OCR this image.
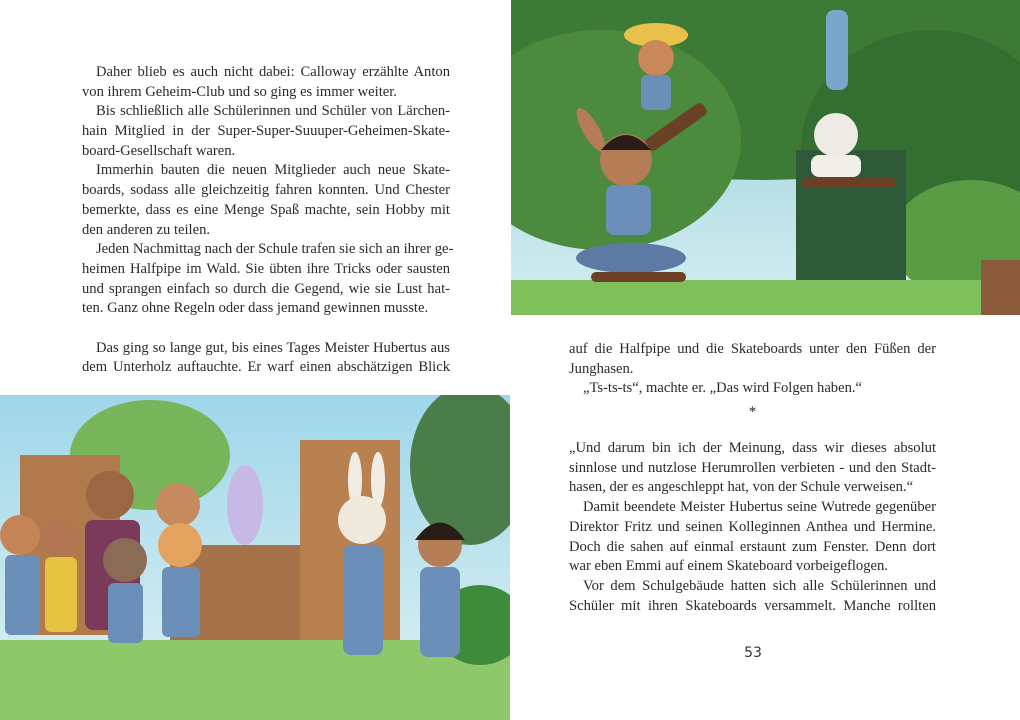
Daher blieb es auch nicht dabei: Calloway erzählte Anton
von ihrem Geheim-Club und so ging es immer weiter.
Bis schließlich alle Schülerinnen und Schüler von Lärchen-
hain Mitglied in der Super-Super-Suuuper-Geheimen-Skate-
board-Gesellschaft waren.
Immerhin bauten die neuen Mitglieder auch neue Skate-
boards, sodass alle gleichzeitig fahren konnten. Und Chester
bemerkte, dass es eine Menge Spaß machte, sein Hobby mit
den anderen zu teilen.
Jeden Nachmittag nach der Schule trafen sie sich an ihrer ge-
heimen Halfpipe im Wald. Sie übten ihre Tricks oder sausten
und sprangen einfach so durch die Gegend, wie sie Lust hat-
ten. Ganz ohne Regeln oder dass jemand gewinnen musste.
Das ging so lange gut, bis eines Tages Meister Hubertus aus
dem Unterholz auftauchte. Er warf einen abschätzigen Blick
auf die Halfpipe und die Skateboards unter den Füßen der
Junghasen.
„Ts-ts-ts“, machte er. „Das wird Folgen haben.“
*
„Und darum bin ich der Meinung, dass wir dieses absolut
sinnlose und nutzlose Herumrollen verbieten - und den Stadt-
hasen, der es angeschleppt hat, von der Schule verweisen.“
Damit beendete Meister Hubertus seine Wutrede gegenüber
Direktor Fritz und seinen Kolleginnen Anthea und Hermine.
Doch die sahen auf einmal erstaunt zum Fenster. Denn dort
war eben Emmi auf einem Skateboard vorbeigeflogen.
Vor dem Schulgebäude hatten sich alle Schülerinnen und
Schüler mit ihren Skateboards versammelt. Manche rollten
53
